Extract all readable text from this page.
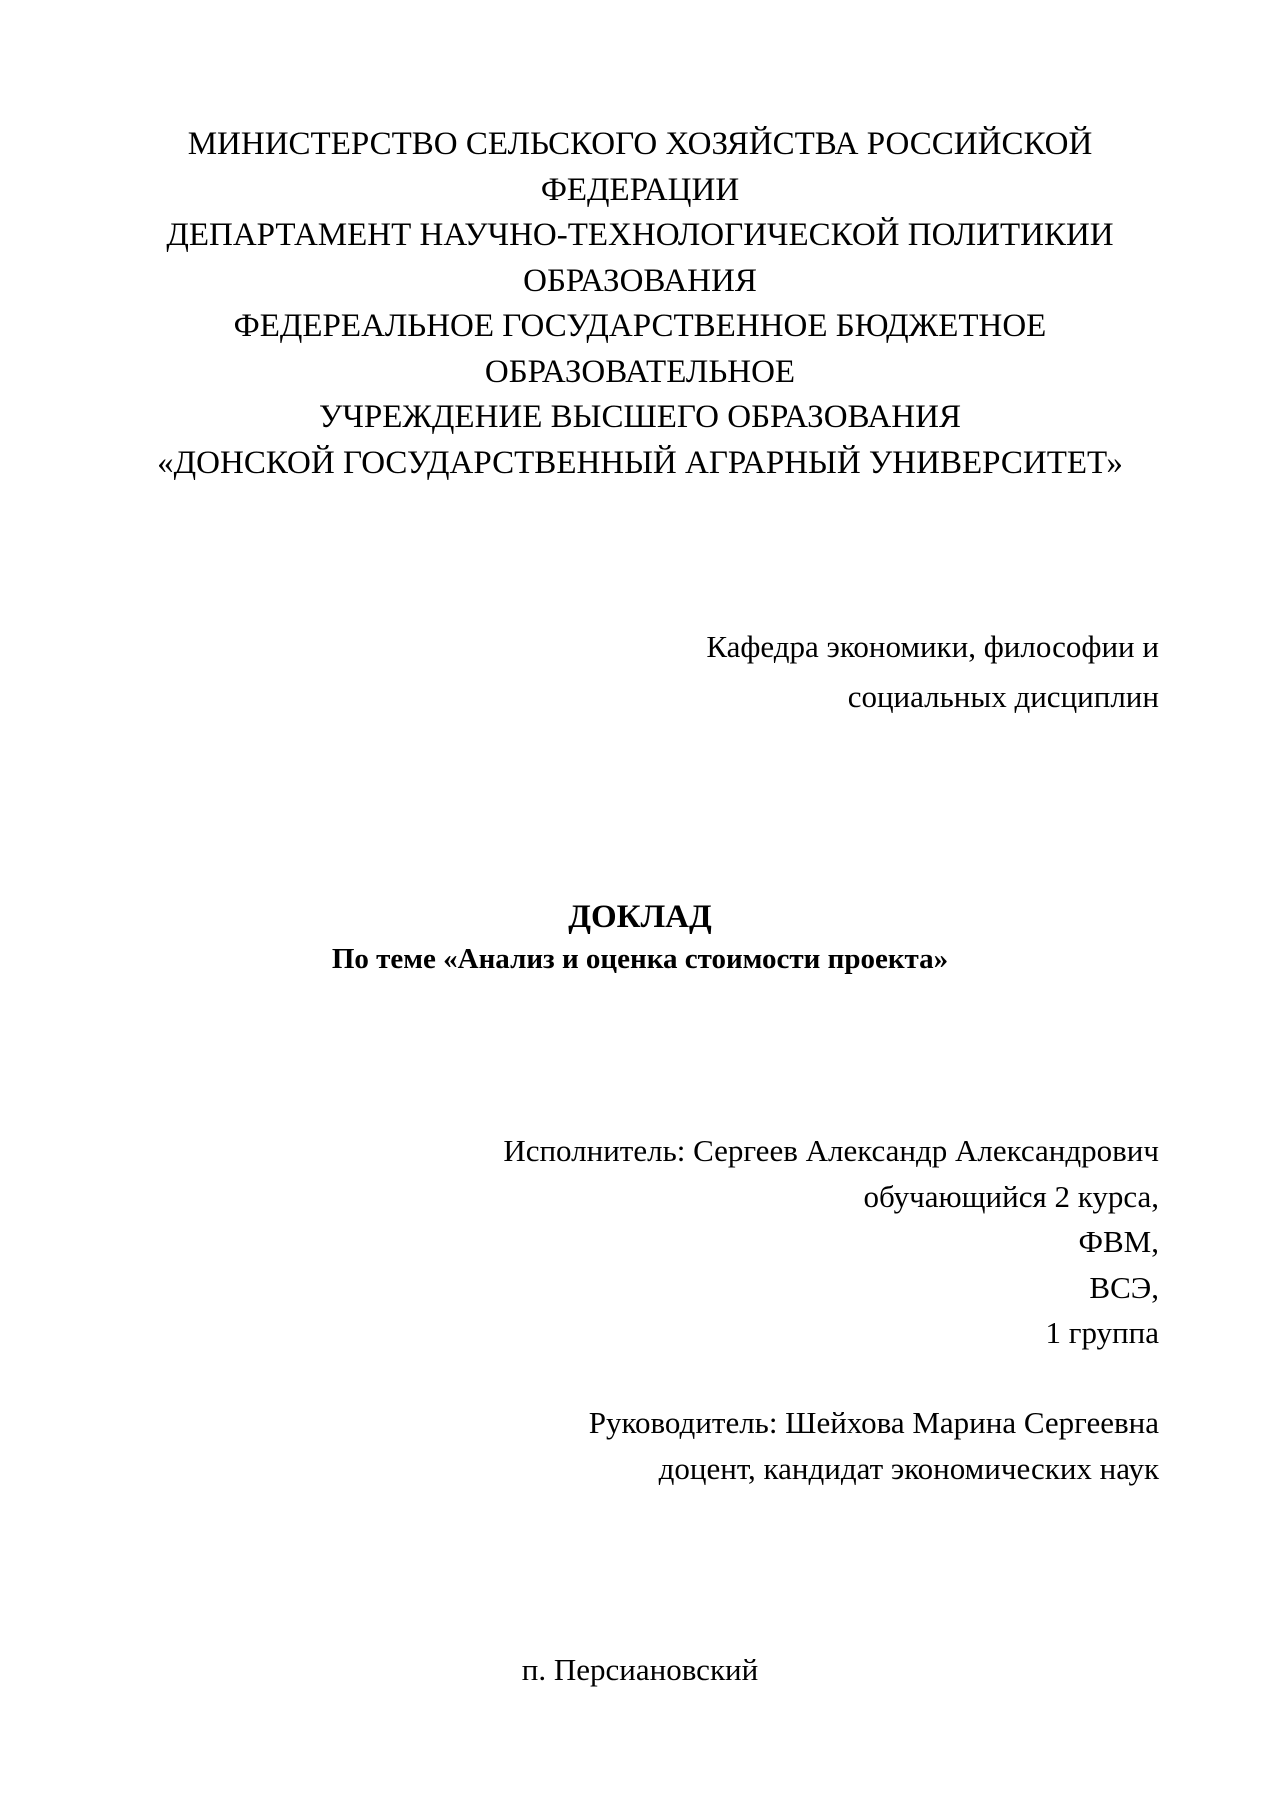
МИНИСТЕРСТВО СЕЛЬСКОГО ХОЗЯЙСТВА РОССИЙСКОЙ
ФЕДЕРАЦИИ
ДЕПАРТАМЕНТ НАУЧНО-ТЕХНОЛОГИЧЕСКОЙ ПОЛИТИКИИ
ОБРАЗОВАНИЯ
ФЕДЕРЕАЛЬНОЕ ГОСУДАРСТВЕННОЕ БЮДЖЕТНОЕ
ОБРАЗОВАТЕЛЬНОЕ
УЧРЕЖДЕНИЕ ВЫСШЕГО ОБРАЗОВАНИЯ
«ДОНСКОЙ ГОСУДАРСТВЕННЫЙ АГРАРНЫЙ УНИВЕРСИТЕТ»
Кафедра экономики, философии и
социальных дисциплин
ДОКЛАД
По теме «Анализ и оценка стоимости проекта»
Исполнитель: Сергеев Александр Александрович
обучающийся 2 курса,
ФВМ,
ВСЭ,
1 группа
Руководитель: Шейхова Марина Сергеевна
доцент, кандидат экономических наук
п. Персиановский
